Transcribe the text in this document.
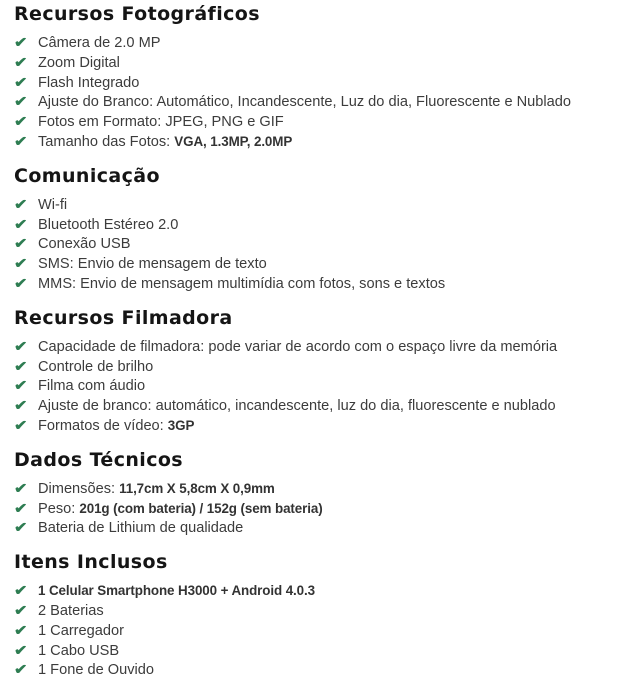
Recursos Fotográficos
✔ Câmera de 2.0 MP
✔ Zoom Digital
✔ Flash Integrado
✔ Ajuste do Branco: Automático, Incandescente, Luz do dia, Fluorescente e Nublado
✔ Fotos em Formato: JPEG, PNG e GIF
✔ Tamanho das Fotos: VGA, 1.3MP, 2.0MP
Comunicação
✔ Wi-fi
✔ Bluetooth Estéreo 2.0
✔ Conexão USB
✔ SMS: Envio de mensagem de texto
✔ MMS: Envio de mensagem multimídia com fotos, sons e textos
Recursos Filmadora
✔ Capacidade de filmadora: pode variar de acordo com o espaço livre da memória
✔ Controle de brilho
✔ Filma com áudio
✔ Ajuste de branco: automático, incandescente, luz do dia, fluorescente e nublado
✔ Formatos de vídeo: 3GP
Dados Técnicos
✔ Dimensões: 11,7cm X 5,8cm X 0,9mm
✔ Peso: 201g (com bateria) / 152g (sem bateria)
✔ Bateria de Lithium de qualidade
Itens Inclusos
✔ 1 Celular Smartphone H3000 + Android 4.0.3
✔ 2 Baterias
✔ 1 Carregador
✔ 1 Cabo USB
✔ 1 Fone de Ouvido
